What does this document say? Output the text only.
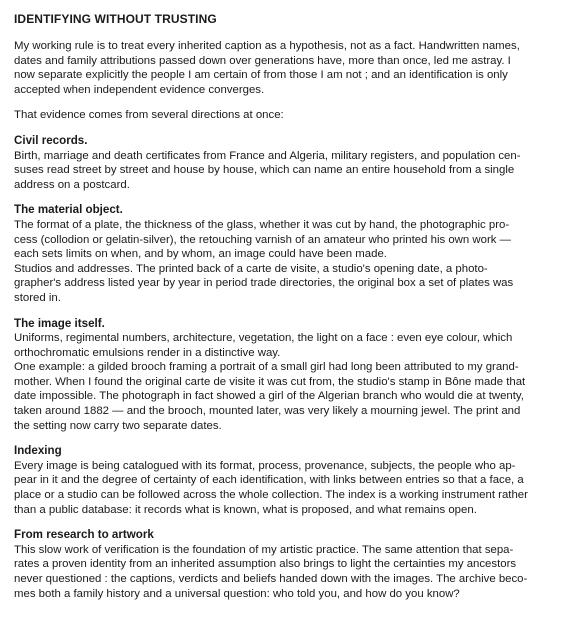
IDENTIFYING WITHOUT TRUSTING
My working rule is to treat every inherited caption as a hypothesis, not as a fact. Handwritten names,
dates and family attributions passed down over generations have, more than once, led me astray. I
now separate explicitly the people I am certain of from those I am not ; and an identification is only
accepted when independent evidence converges.
That evidence comes from several directions at once:
Civil records.
Birth, marriage and death certificates from France and Algeria, military registers, and population cen-
suses read street by street and house by house, which can name an entire household from a single
address on a postcard.
The material object.
The format of a plate, the thickness of the glass, whether it was cut by hand, the photographic pro-
cess (collodion or gelatin-silver), the retouching varnish of an amateur who printed his own work —
each sets limits on when, and by whom, an image could have been made.
Studios and addresses. The printed back of a carte de visite, a studio's opening date, a photo-
grapher's address listed year by year in period trade directories, the original box a set of plates was
stored in.
The image itself.
Uniforms, regimental numbers, architecture, vegetation, the light on a face : even eye colour, which
orthochromatic emulsions render in a distinctive way.
One example: a gilded brooch framing a portrait of a small girl had long been attributed to my grand-
mother. When I found the original carte de visite it was cut from, the studio's stamp in Bône made that
date impossible. The photograph in fact showed a girl of the Algerian branch who would die at twenty,
taken around 1882 — and the brooch, mounted later, was very likely a mourning jewel. The print and
the setting now carry two separate dates.
Indexing
Every image is being catalogued with its format, process, provenance, subjects, the people who ap-
pear in it and the degree of certainty of each identification, with links between entries so that a face, a
place or a studio can be followed across the whole collection. The index is a working instrument rather
than a public database: it records what is known, what is proposed, and what remains open.
From research to artwork
This slow work of verification is the foundation of my artistic practice. The same attention that sepa-
rates a proven identity from an inherited assumption also brings to light the certainties my ancestors
never questioned : the captions, verdicts and beliefs handed down with the images. The archive beco-
mes both a family history and a universal question: who told you, and how do you know?
